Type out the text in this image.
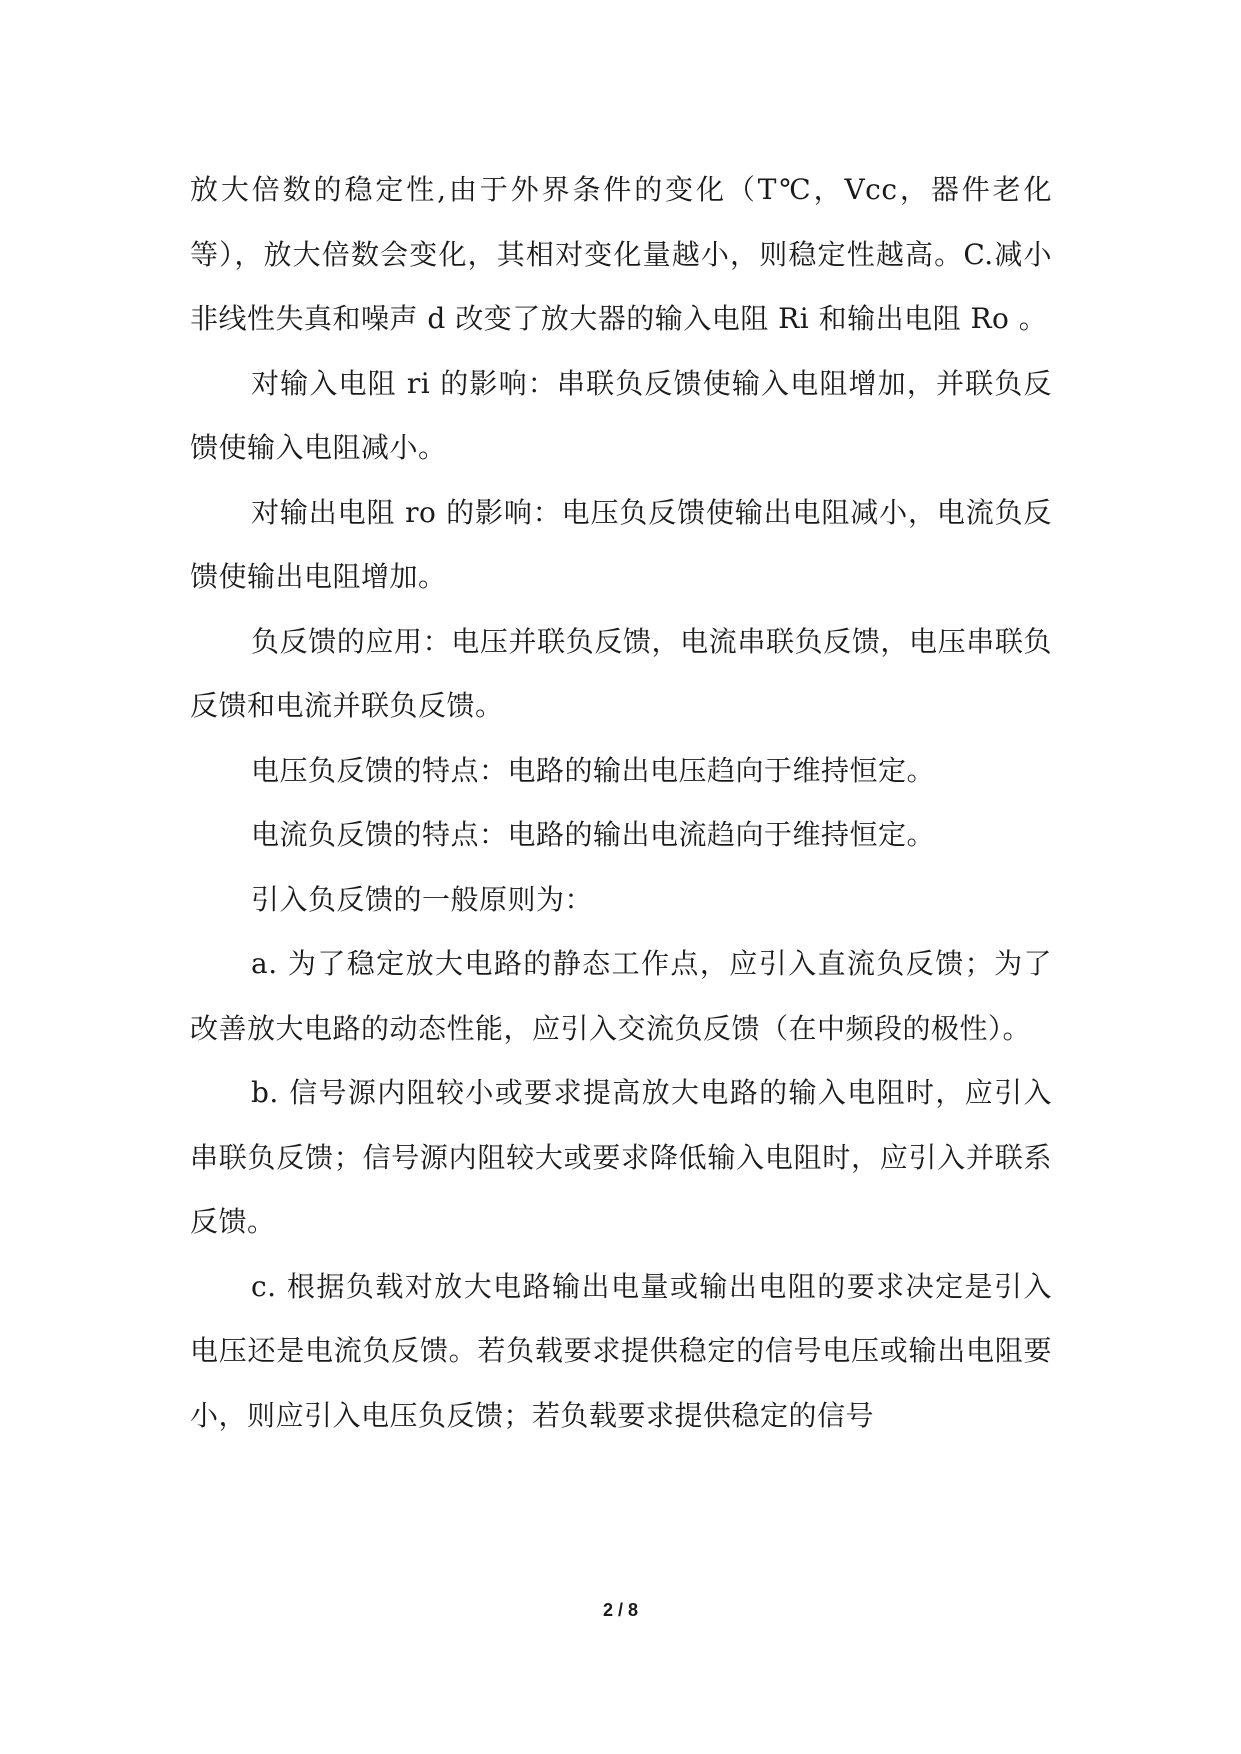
放大倍数的稳定性,由于外界条件的变化（T℃，Vcc，器件老化等），放大倍数会变化，其相对变化量越小，则稳定性越高。C.减小非线性失真和噪声 d 改变了放大器的输入电阻 Ri 和输出电阻 Ro 。

对输入电阻 ri 的影响：串联负反馈使输入电阻增加，并联负反馈使输入电阻减小。

对输出电阻 ro 的影响：电压负反馈使输出电阻减小，电流负反馈使输出电阻增加。

负反馈的应用：电压并联负反馈，电流串联负反馈，电压串联负反馈和电流并联负反馈。

电压负反馈的特点：电路的输出电压趋向于维持恒定。

电流负反馈的特点：电路的输出电流趋向于维持恒定。

引入负反馈的一般原则为：

a. 为了稳定放大电路的静态工作点，应引入直流负反馈；为了改善放大电路的动态性能，应引入交流负反馈（在中频段的极性）。

b. 信号源内阻较小或要求提高放大电路的输入电阻时，应引入串联负反馈；信号源内阻较大或要求降低输入电阻时，应引入并联系反馈。

c. 根据负载对放大电路输出电量或输出电阻的要求决定是引入电压还是电流负反馈。若负载要求提供稳定的信号电压或输出电阻要小，则应引入电压负反馈；若负载要求提供稳定的信号

2 / 8
